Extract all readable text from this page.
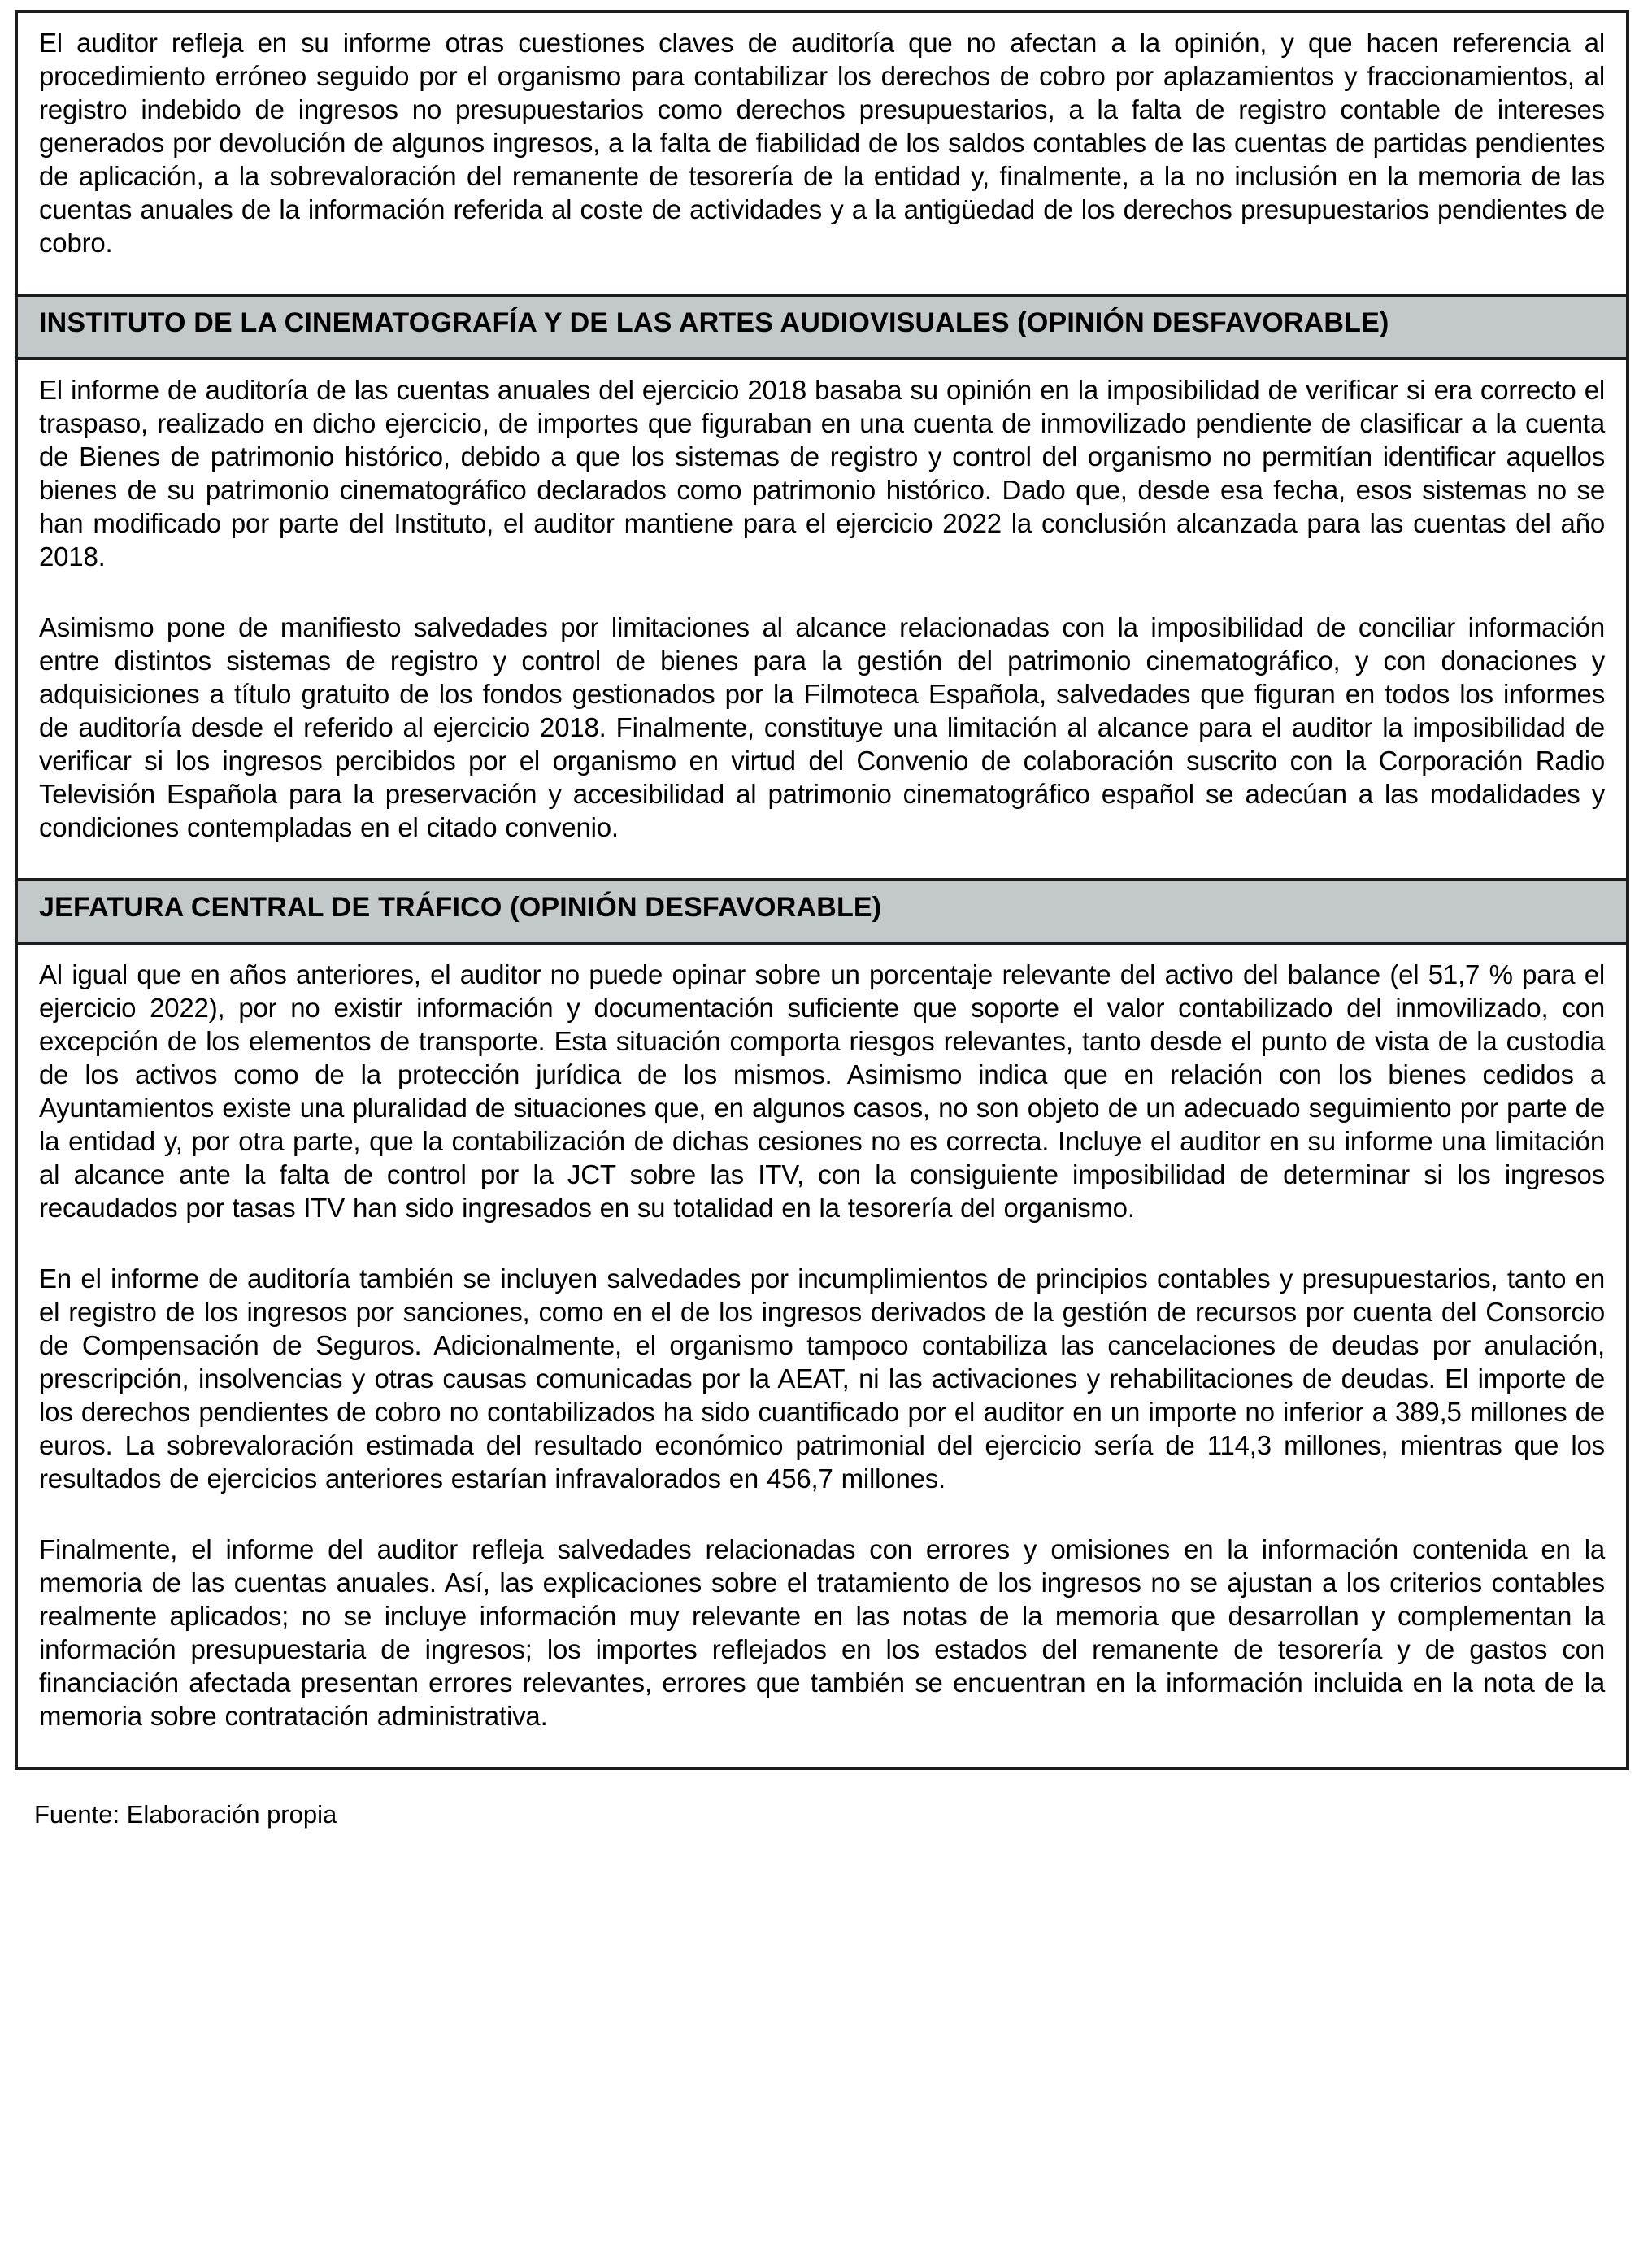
El auditor refleja en su informe otras cuestiones claves de auditoría que no afectan a la opinión, y que hacen referencia al procedimiento erróneo seguido por el organismo para contabilizar los derechos de cobro por aplazamientos y fraccionamientos, al registro indebido de ingresos no presupuestarios como derechos presupuestarios, a la falta de registro contable de intereses generados por devolución de algunos ingresos, a la falta de fiabilidad de los saldos contables de las cuentas de partidas pendientes de aplicación, a la sobrevaloración del remanente de tesorería de la entidad y, finalmente, a la no inclusión en la memoria de las cuentas anuales de la información referida al coste de actividades y a la antigüedad de los derechos presupuestarios pendientes de cobro.

INSTITUTO DE LA CINEMATOGRAFÍA Y DE LAS ARTES AUDIOVISUALES (OPINIÓN DESFAVORABLE)

El informe de auditoría de las cuentas anuales del ejercicio 2018 basaba su opinión en la imposibilidad de verificar si era correcto el traspaso, realizado en dicho ejercicio, de importes que figuraban en una cuenta de inmovilizado pendiente de clasificar a la cuenta de Bienes de patrimonio histórico, debido a que los sistemas de registro y control del organismo no permitían identificar aquellos bienes de su patrimonio cinematográfico declarados como patrimonio histórico. Dado que, desde esa fecha, esos sistemas no se han modificado por parte del Instituto, el auditor mantiene para el ejercicio 2022 la conclusión alcanzada para las cuentas del año 2018.

Asimismo pone de manifiesto salvedades por limitaciones al alcance relacionadas con la imposibilidad de conciliar información entre distintos sistemas de registro y control de bienes para la gestión del patrimonio cinematográfico, y con donaciones y adquisiciones a título gratuito de los fondos gestionados por la Filmoteca Española, salvedades que figuran en todos los informes de auditoría desde el referido al ejercicio 2018. Finalmente, constituye una limitación al alcance para el auditor la imposibilidad de verificar si los ingresos percibidos por el organismo en virtud del Convenio de colaboración suscrito con la Corporación Radio Televisión Española para la preservación y accesibilidad al patrimonio cinematográfico español se adecúan a las modalidades y condiciones contempladas en el citado convenio.

JEFATURA CENTRAL DE TRÁFICO (OPINIÓN DESFAVORABLE)

Al igual que en años anteriores, el auditor no puede opinar sobre un porcentaje relevante del activo del balance (el 51,7 % para el ejercicio 2022), por no existir información y documentación suficiente que soporte el valor contabilizado del inmovilizado, con excepción de los elementos de transporte. Esta situación comporta riesgos relevantes, tanto desde el punto de vista de la custodia de los activos como de la protección jurídica de los mismos. Asimismo indica que en relación con los bienes cedidos a Ayuntamientos existe una pluralidad de situaciones que, en algunos casos, no son objeto de un adecuado seguimiento por parte de la entidad y, por otra parte, que la contabilización de dichas cesiones no es correcta. Incluye el auditor en su informe una limitación al alcance ante la falta de control por la JCT sobre las ITV, con la consiguiente imposibilidad de determinar si los ingresos recaudados por tasas ITV han sido ingresados en su totalidad en la tesorería del organismo.

En el informe de auditoría también se incluyen salvedades por incumplimientos de principios contables y presupuestarios, tanto en el registro de los ingresos por sanciones, como en el de los ingresos derivados de la gestión de recursos por cuenta del Consorcio de Compensación de Seguros. Adicionalmente, el organismo tampoco contabiliza las cancelaciones de deudas por anulación, prescripción, insolvencias y otras causas comunicadas por la AEAT, ni las activaciones y rehabilitaciones de deudas. El importe de los derechos pendientes de cobro no contabilizados ha sido cuantificado por el auditor en un importe no inferior a 389,5 millones de euros. La sobrevaloración estimada del resultado económico patrimonial del ejercicio sería de 114,3 millones, mientras que los resultados de ejercicios anteriores estarían infravalorados en 456,7 millones.

Finalmente, el informe del auditor refleja salvedades relacionadas con errores y omisiones en la información contenida en la memoria de las cuentas anuales. Así, las explicaciones sobre el tratamiento de los ingresos no se ajustan a los criterios contables realmente aplicados; no se incluye información muy relevante en las notas de la memoria que desarrollan y complementan la información presupuestaria de ingresos; los importes reflejados en los estados del remanente de tesorería y de gastos con financiación afectada presentan errores relevantes, errores que también se encuentran en la información incluida en la nota de la memoria sobre contratación administrativa.

Fuente: Elaboración propia
